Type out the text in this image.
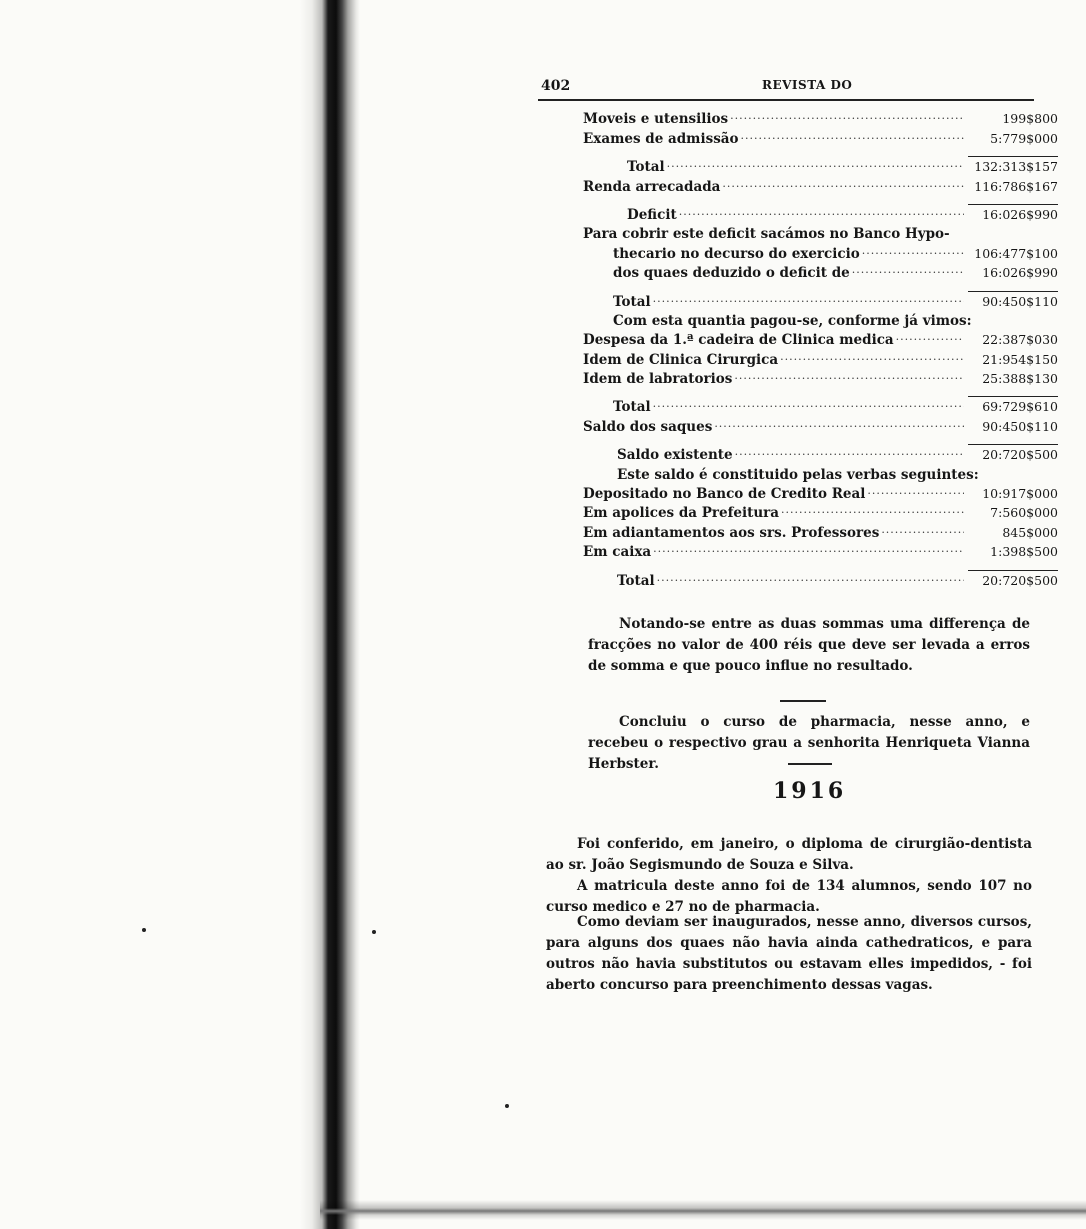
402	REVISTA DO
Moveis e utensilios .....	199$800
Exames de admissão .....	5:779$000
Total .....	132:313$157
Renda arrecadada .....	116:786$167
Deficit .....	16:026$990
Para cobrir este deficit sacámos no Banco Hypo-
thecario no decurso do exercicio .....	106:477$100
dos quaes deduzido o deficit de .....	16:026$990
Total .....	90:450$110
Com esta quantia pagou-se, conforme já vimos:
Despesa da 1.ª cadeira de Clinica medica .....	22:387$030
Idem de Clinica Cirurgica .....	21:954$150
Idem de labratorios .....	25:388$130
Total .....	69:729$610
Saldo dos saques .....	90:450$110
Saldo existente .....	20:720$500
Este saldo é constituido pelas verbas seguintes:
Depositado no Banco de Credito Real .....	10:917$000
Em apolices da Prefeitura .....	7:560$000
Em adiantamentos aos srs. Professores .....	845$000
Em caixa .....	1:398$500
Total .....	20:720$500

Notando-se entre as duas sommas uma differença de fracções no valor de 400 réis que deve ser levada a erros de somma e que pouco influe no resultado.

Concluiu o curso de pharmacia, nesse anno, e recebeu o respectivo grau a senhorita Henriqueta Vianna Herbster.

1916

Foi conferido, em janeiro, o diploma de cirurgião-dentista ao sr. João Segismundo de Souza e Silva.

A matricula deste anno foi de 134 alumnos, sendo 107 no curso medico e 27 no de pharmacia.

Como deviam ser inaugurados, nesse anno, diversos cursos, para alguns dos quaes não havia ainda cathedraticos, e para outros não havia substitutos ou estavam elles impedidos, - foi aberto concurso para preenchimento dessas vagas.
